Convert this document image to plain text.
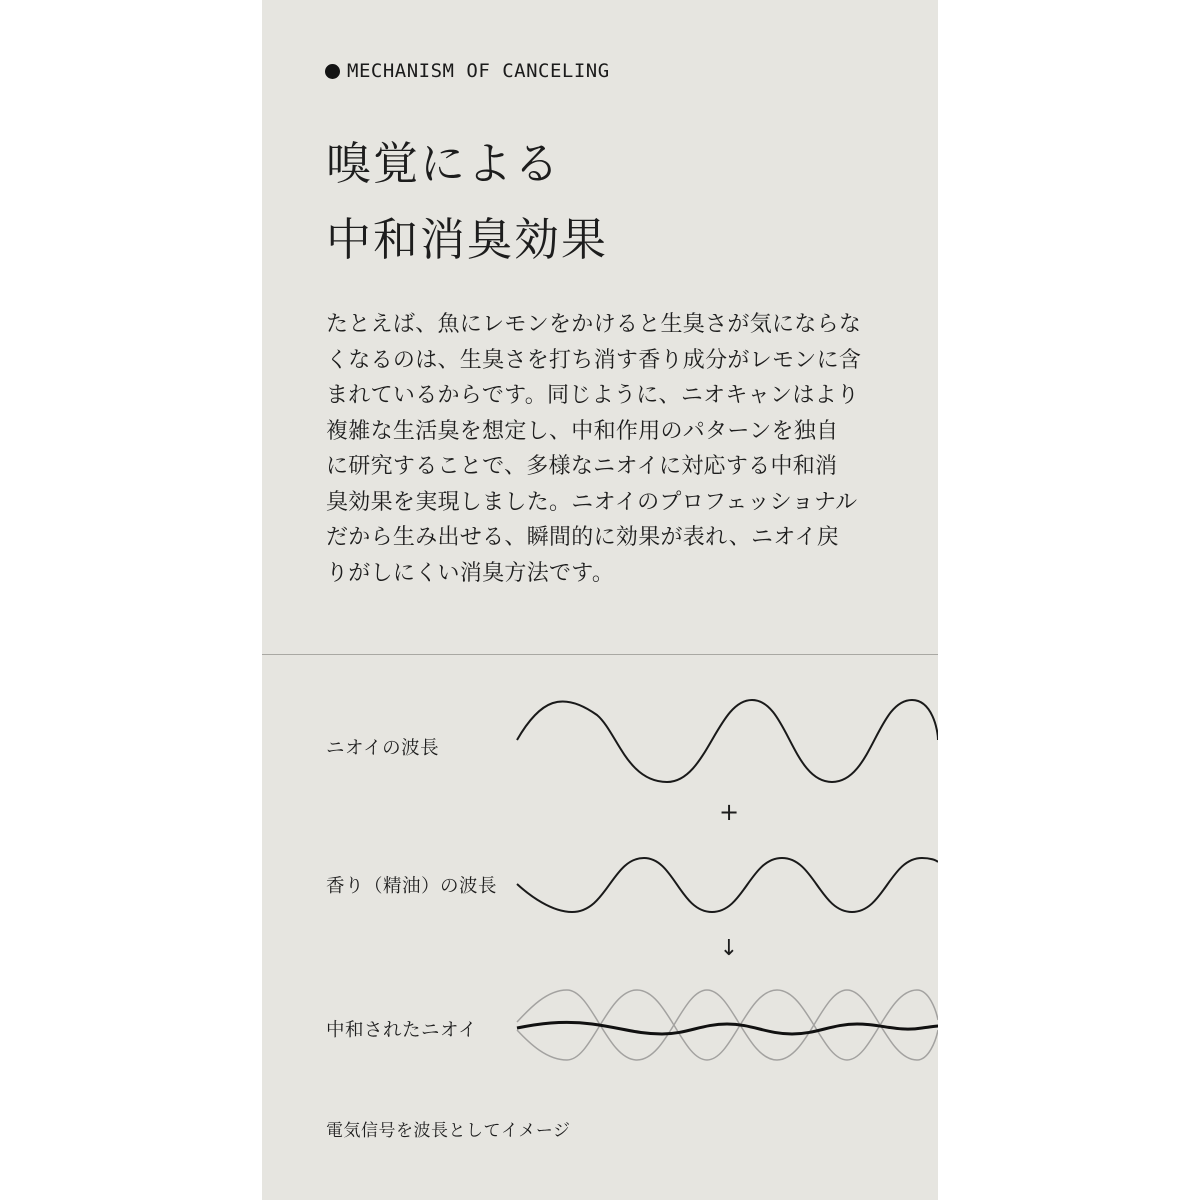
MECHANISM OF CANCELING
嗅覚による
中和消臭効果

たとえば、魚にレモンをかけると生臭さが気にならな
くなるのは、生臭さを打ち消す香り成分がレモンに含
まれているからです。同じように、ニオキャンはより
複雑な生活臭を想定し、中和作用のパターンを独自
に研究することで、多様なニオイに対応する中和消
臭効果を実現しました。ニオイのプロフェッショナル
だから生み出せる、瞬間的に効果が表れ、ニオイ戻
りがしにくい消臭方法です。

ニオイの波長
+
香り（精油）の波長
↓
中和されたニオイ
電気信号を波長としてイメージ
